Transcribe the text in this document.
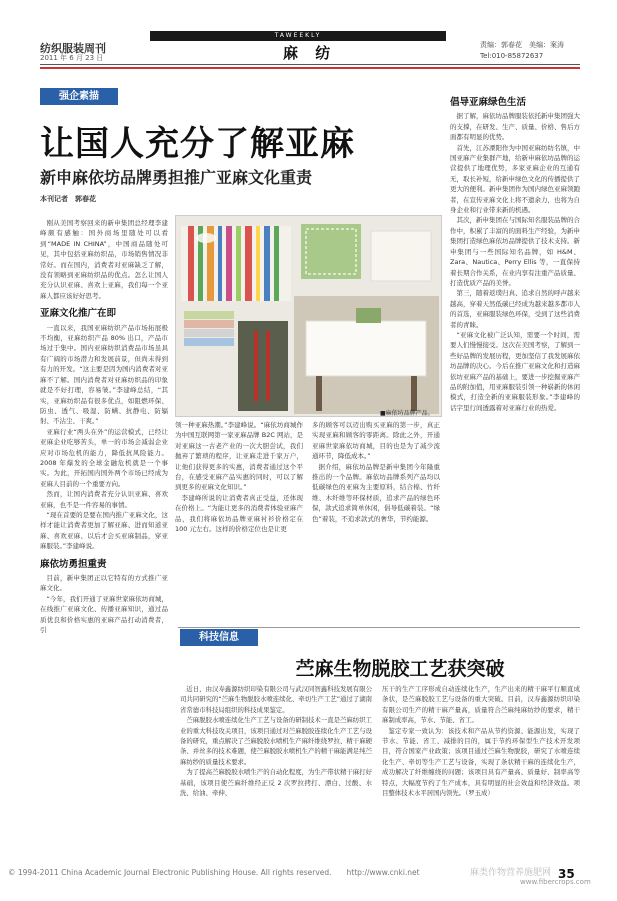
纺织服装周刊
2011 年 6 月 23 日
TAWEEKLY
麻 纺	责编：郭春花　美编：案涛
Tel:010-85872637
强企素描
让国人充分了解亚麻
新申麻依坊品牌勇担推广亚麻文化重责
本刊记者　郭春花

刚从美国考察回来的新申集团总经理李建峰颇有感触：国外商场里随处可以看到“MADE IN CHINA”，中国商品随处可见，其中包括亚麻纺织品，市场销售情况非常好。而在国内，消费者对亚麻缺乏了解，没有领略到亚麻纺织品的优点。怎么让国人充分认识亚麻、喜欢上亚麻，我们每一个亚麻人都应该好好思考。

亚麻文化推广在即

一直以来，我国亚麻纺织产品市场拓展极不均衡，亚麻纺织产品 80% 出口，产品市场过于集中。国内亚麻纺织消费品市场虽具有广阔的市场潜力和发展前景，但尚未得到有力的开发。“这主要是因为国内消费者对亚麻不了解。国内消费者对亚麻纺织品的印象就是不好打理，容易皱。”李建峰总结，“其实，亚麻纺织品有很多优点，如阻燃环保、防虫、透气、吸湿、防螨、抗静电、防辐射、不沾尘、干爽。”

亚麻行业“两头在外”的运营模式，已经让亚麻企业吃够苦头，单一的市场会减弱企业应对市场危机的能力，降低抗风险能力。2008 年爆发的全球金融危机就是一个事实。为此，开拓国内国外两个市场已经成为亚麻人目前的一个重要方向。

然而，让国内消费者充分认识亚麻、喜欢亚麻，也不是一件容易的事情。

“现在首要的是要在国内推广亚麻文化，这样才能让消费者更加了解亚麻、进而知道亚麻、喜欢亚麻、以后才会买亚麻制品，穿亚麻服装。”李建峰说。

麻依坊勇担重责

目前，新申集团正以它特有的方式推广亚麻文化。

“今年，我们开通了亚麻世家麻依坊商城，在线推广亚麻文化、传播亚麻知识，通过品质优良和价格实惠的亚麻产品打动消费者，引

■麻依坊品牌产品。

领一种亚麻热潮。”李建峰说。“麻依坊商城作为中国互联网第一家亚麻品牌 B2C 网站，是对亚麻这一古老产业的一次大胆尝试，我们抛弃了繁琐的程序，让亚麻走进千家万户，让他们获得更多的实惠，消费者通过这个平台，在感受亚麻产品实惠的同时，可以了解到更多的亚麻文化知识。”

李建峰所说的让消费者真正受益，还体现在价格上。“为能让更多的消费者体验亚麻产品，我们将麻依坊品牌亚麻衬衫价格定在 100 元左右。这样的价格定位也是让更

多的顾客可以迈出购买亚麻的第一步，真正实现亚麻和顾客的零距离。除此之外，开通亚麻世家麻依坊商城，目的也是为了减少流通环节，降低成本。”

据介绍，麻依坊品牌是新申集团今年隆重推出的一个品牌。麻依坊品牌系列产品均以低碳绿色的亚麻为主要原料，结合棉、竹纤维、木纤维等环保材质，追求产品的绿色环保，款式追求简单休闲，倡导低碳着装。“绿色”着装，不追求款式的奢华，节约能源。

倡导亚麻绿色生活

据了解，麻依坊品牌服装依托新申集团强大的支撑，在研发、生产、质量、价格、售后方面都有明显的优势。

首先，江苏溧阳作为中国亚麻纺纺名镇，中国亚麻产业集群产地，给新申麻依坊品牌的运营提供了地理优势，多家亚麻企业的互通有无，取长补短，给新申绿色文化的传播提供了更大的便利。新申集团作为国内绿色亚麻领跑者，在宣传亚麻文化上将不遗余力，也将为自身企业和行业带来新的机遇。

其次，新申集团在与国际知名服装品牌的合作中，积累了丰富的的面料生产经验，为新申集团打造绿色麻依坊品牌提供了技术支持。新申集团与一些国际知名品牌，如 H&M、Zara、Nautica、Perry Ellis 等，一直保持着长期合作关系，在业内享有注重产品质量、打造优质产品的美誉。

第三，随着返璞归真、追求自然的呼声越来越高，穿着天然低碳已经成为越来越多都市人的首选，亚麻服装绿色环保，受到了这些消费者的青睐。

“亚麻文化被广泛认知，需要一个时间，需要人们慢慢接受。这次在美国考察，了解到一些好品牌的发展历程，更加坚信了我发展麻依坊品牌的决心。今后在推广亚麻文化和打造麻依坊亚麻产品的基础上，要进一步挖掘亚麻产品的附加值，用亚麻服装引领一种崭新的休闲模式，打造全新的亚麻服装形象。”李建峰的话字里行间透露着对亚麻行业的热爱。

科技信息
苎麻生物脱胶工艺获突破

近日，由汉寿鑫源纺织印染有限公司与武汉同智鑫科技发展有限公司共同研究的“苎麻生物脱胶水喷连续化、牵切生产工艺”通过了湖南省常德市科技局组织的科技成果鉴定。

苎麻脱胶水喷连续化生产工艺与设备的研制技术一直是苎麻纺织工业的重大科技攻关项目，该项目通过对苎麻脱胶连续化生产工艺与设备的研究，重点解决了苎麻脱胶水喷机生产麻纤维绕罗拉、精干麻硬条、并丝多的技术难题，使苎麻脱胶水喷机生产的精干麻能满足纯苎麻纺纱的质量技术要求。

为了提高苎麻脱胶水喷生产的自动化程度，为生产带状精干麻打好基础，该项目使苎麻纤维经正反 2 次罗拉拷打、漂白、过酸、水洗、给油、牵伸、

压干的生产工序形成自动连续化生产，生产出来的精干麻平行顺直成条状，是苎麻脱胶工艺与设备的重大突破。目前，汉寿鑫源纺织印染有限公司生产的精干麻产量高，质量符合苎麻纯麻纺纱的要求，精干麻制成率高，节水、节能、省工。

鉴定专家一致认为：该技术和产品从节约资源、能源出发，实现了节水、节能、省工、减排的目的，属于节约环保型生产技术开发项目，符合国家产业政策；该项目通过苎麻生物脱胶，研究了水喷连续化生产、牵切等生产工艺与设备，实现了条状精干麻的连续化生产，成功解决了纤维缠绕的问题；该项目具有产量高、质量好、制率高等特点，大幅度节约了生产成本，具有明显的社会效益和经济效益。项目整体技术水平居国内领先。（罗玉成）

© 1994-2011 China Academic Journal Electronic Publishing House. All rights reserved.　　http://www.cnki.net	麻类作物营养施肥网 35
www.fibercrops.com
